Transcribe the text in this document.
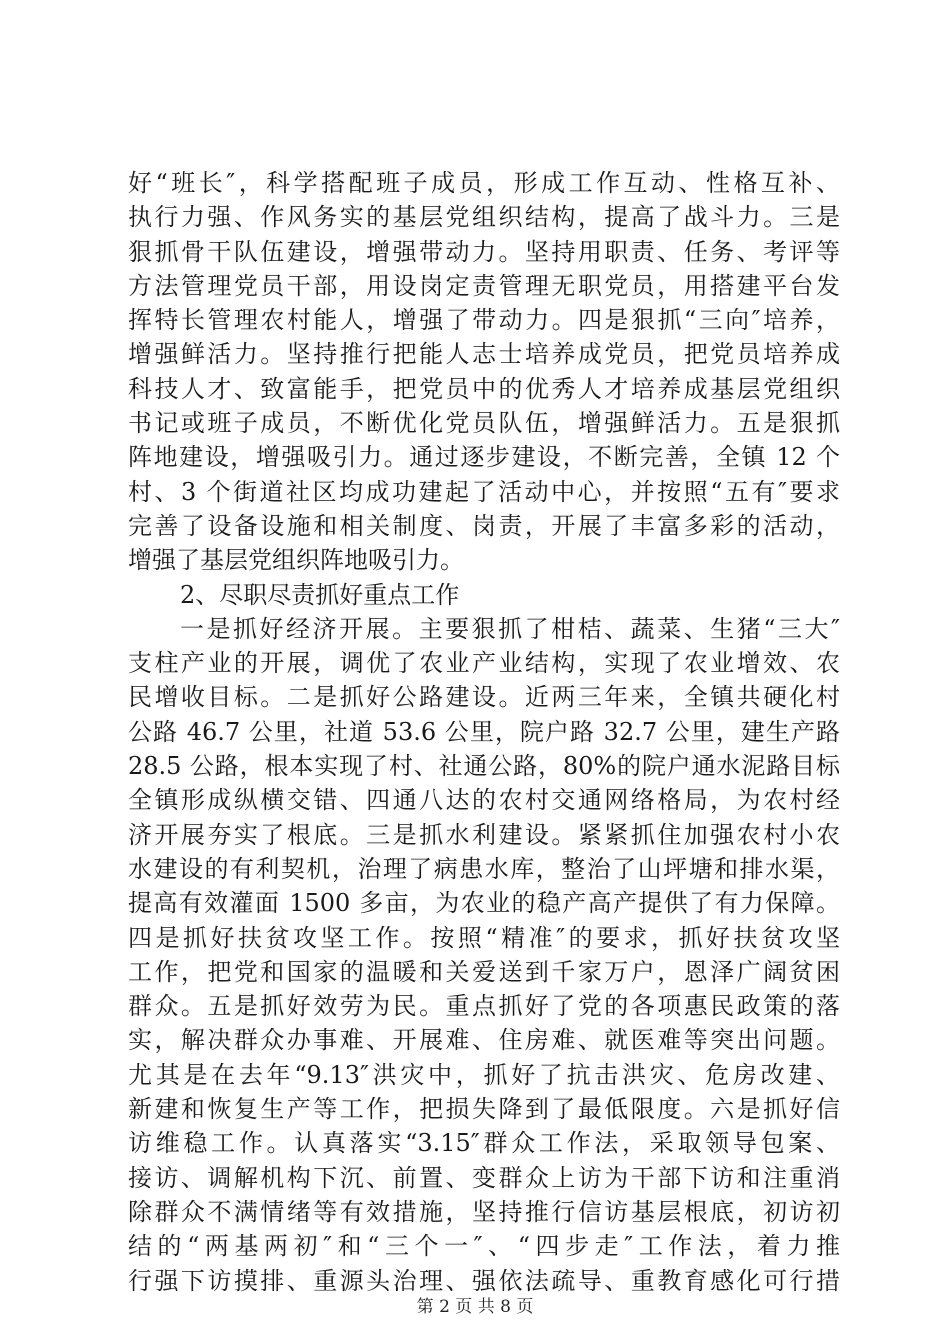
好“班长″，科学搭配班子成员，形成工作互动、性格互补、
执行力强、作风务实的基层党组织结构，提高了战斗力。三是
狠抓骨干队伍建设，增强带动力。坚持用职责、任务、考评等
方法管理党员干部，用设岗定责管理无职党员，用搭建平台发
挥特长管理农村能人，增强了带动力。四是狠抓“三向″培养，
增强鲜活力。坚持推行把能人志士培养成党员，把党员培养成
科技人才、致富能手，把党员中的优秀人才培养成基层党组织
书记或班子成员，不断优化党员队伍，增强鲜活力。五是狠抓
阵地建设，增强吸引力。通过逐步建设，不断完善，全镇 12 个
村、3 个街道社区均成功建起了活动中心，并按照“五有″要求
完善了设备设施和相关制度、岗责，开展了丰富多彩的活动，
增强了基层党组织阵地吸引力。
2、尽职尽责抓好重点工作
一是抓好经济开展。主要狠抓了柑桔、蔬菜、生猪“三大″
支柱产业的开展，调优了农业产业结构，实现了农业增效、农
民增收目标。二是抓好公路建设。近两三年来，全镇共硬化村
公路 46.7 公里，社道 53.6 公里，院户路 32.7 公里，建生产路
28.5 公路，根本实现了村、社通公路，80%的院户通水泥路目标
全镇形成纵横交错、四通八达的农村交通网络格局，为农村经
济开展夯实了根底。三是抓水利建设。紧紧抓住加强农村小农
水建设的有利契机，治理了病患水库，整治了山坪塘和排水渠，
提高有效灌面 1500 多亩，为农业的稳产高产提供了有力保障。
四是抓好扶贫攻坚工作。按照“精准″的要求，抓好扶贫攻坚
工作，把党和国家的温暖和关爱送到千家万户，恩泽广阔贫困
群众。五是抓好效劳为民。重点抓好了党的各项惠民政策的落
实，解决群众办事难、开展难、住房难、就医难等突出问题。
尤其是在去年“9.13″洪灾中，抓好了抗击洪灾、危房改建、
新建和恢复生产等工作，把损失降到了最低限度。六是抓好信
访维稳工作。认真落实“3.15″群众工作法，采取领导包案、
接访、调解机构下沉、前置、变群众上访为干部下访和注重消
除群众不满情绪等有效措施，坚持推行信访基层根底，初访初
结的“两基两初″和“三个一″、“四步走″工作法，着力推
行强下访摸排、重源头治理、强依法疏导、重教育感化可行措
第 2 页 共 8 页
